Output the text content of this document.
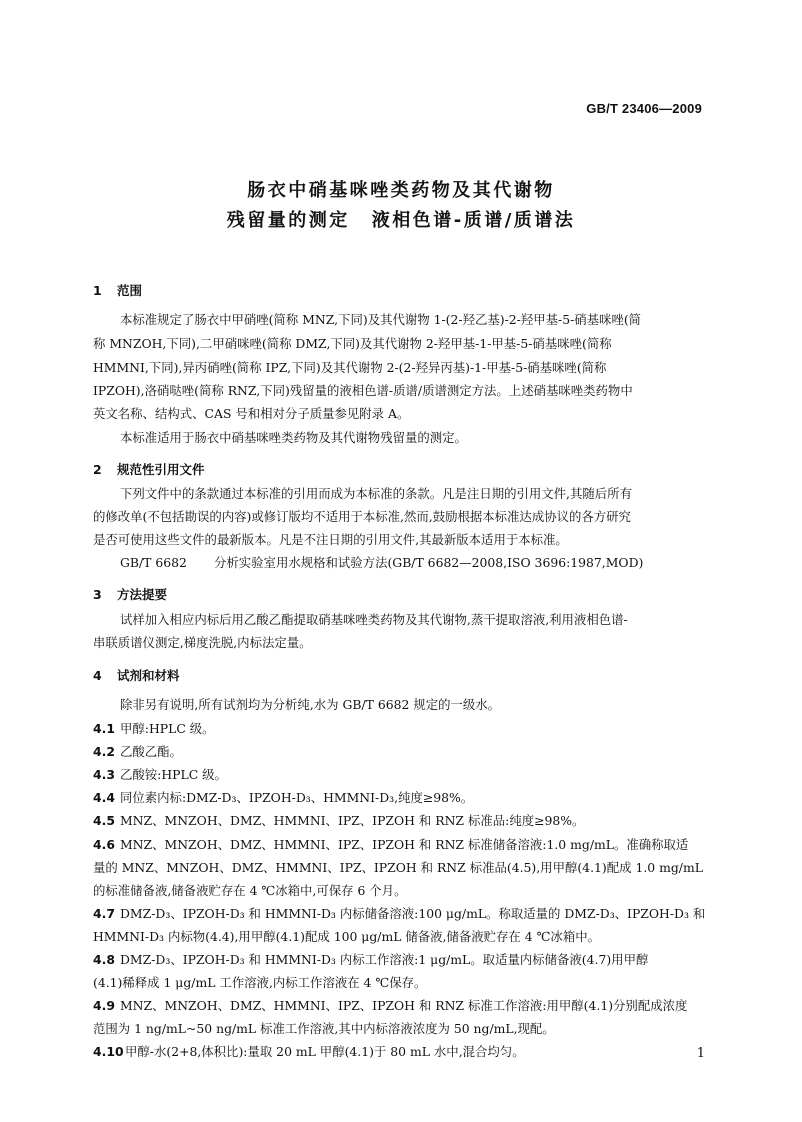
GB/T 23406—2009
肠衣中硝基咪唑类药物及其代谢物
残留量的测定 液相色谱-质谱/质谱法
1 范围
本标准规定了肠衣中甲硝唑(简称 MNZ,下同)及其代谢物 1-(2-羟乙基)-2-羟甲基-5-硝基咪唑(简
称 MNZOH,下同),二甲硝咪唑(简称 DMZ,下同)及其代谢物 2-羟甲基-1-甲基-5-硝基咪唑(简称
HMMNI,下同),异丙硝唑(简称 IPZ,下同)及其代谢物 2-(2-羟异丙基)-1-甲基-5-硝基咪唑(简称
IPZOH),洛硝哒唑(简称 RNZ,下同)残留量的液相色谱-质谱/质谱测定方法。上述硝基咪唑类药物中
英文名称、结构式、CAS 号和相对分子质量参见附录 A。
本标准适用于肠衣中硝基咪唑类药物及其代谢物残留量的测定。
2 规范性引用文件
下列文件中的条款通过本标准的引用而成为本标准的条款。凡是注日期的引用文件,其随后所有
的修改单(不包括勘误的内容)或修订版均不适用于本标准,然而,鼓励根据本标准达成协议的各方研究
是否可使用这些文件的最新版本。凡是不注日期的引用文件,其最新版本适用于本标准。
GB/T 6682 分析实验室用水规格和试验方法(GB/T 6682—2008,ISO 3696:1987,MOD)
3 方法提要
试样加入相应内标后用乙酸乙酯提取硝基咪唑类药物及其代谢物,蒸干提取溶液,利用液相色谱-
串联质谱仪测定,梯度洗脱,内标法定量。
4 试剂和材料
除非另有说明,所有试剂均为分析纯,水为 GB/T 6682 规定的一级水。
4.1 甲醇:HPLC 级。
4.2 乙酸乙酯。
4.3 乙酸铵:HPLC 级。
4.4 同位素内标:DMZ-D₃、IPZOH-D₃、HMMNI-D₃,纯度≥98%。
4.5 MNZ、MNZOH、DMZ、HMMNI、IPZ、IPZOH 和 RNZ 标准品:纯度≥98%。
4.6 MNZ、MNZOH、DMZ、HMMNI、IPZ、IPZOH 和 RNZ 标准储备溶液:1.0 mg/mL。准确称取适
量的 MNZ、MNZOH、DMZ、HMMNI、IPZ、IPZOH 和 RNZ 标准品(4.5),用甲醇(4.1)配成 1.0 mg/mL
的标准储备液,储备液贮存在 4 ℃冰箱中,可保存 6 个月。
4.7 DMZ-D₃、IPZOH-D₃ 和 HMMNI-D₃ 内标储备溶液:100 μg/mL。称取适量的 DMZ-D₃、IPZOH-D₃ 和
HMMNI-D₃ 内标物(4.4),用甲醇(4.1)配成 100 μg/mL 储备液,储备液贮存在 4 ℃冰箱中。
4.8 DMZ-D₃、IPZOH-D₃ 和 HMMNI-D₃ 内标工作溶液:1 μg/mL。取适量内标储备液(4.7)用甲醇
(4.1)稀释成 1 μg/mL 工作溶液,内标工作溶液在 4 ℃保存。
4.9 MNZ、MNZOH、DMZ、HMMNI、IPZ、IPZOH 和 RNZ 标准工作溶液:用甲醇(4.1)分别配成浓度
范围为 1 ng/mL~50 ng/mL 标准工作溶液,其中内标溶液浓度为 50 ng/mL,现配。
4.10甲醇-水(2+8,体积比):量取 20 mL 甲醇(4.1)于 80 mL 水中,混合均匀。	1
